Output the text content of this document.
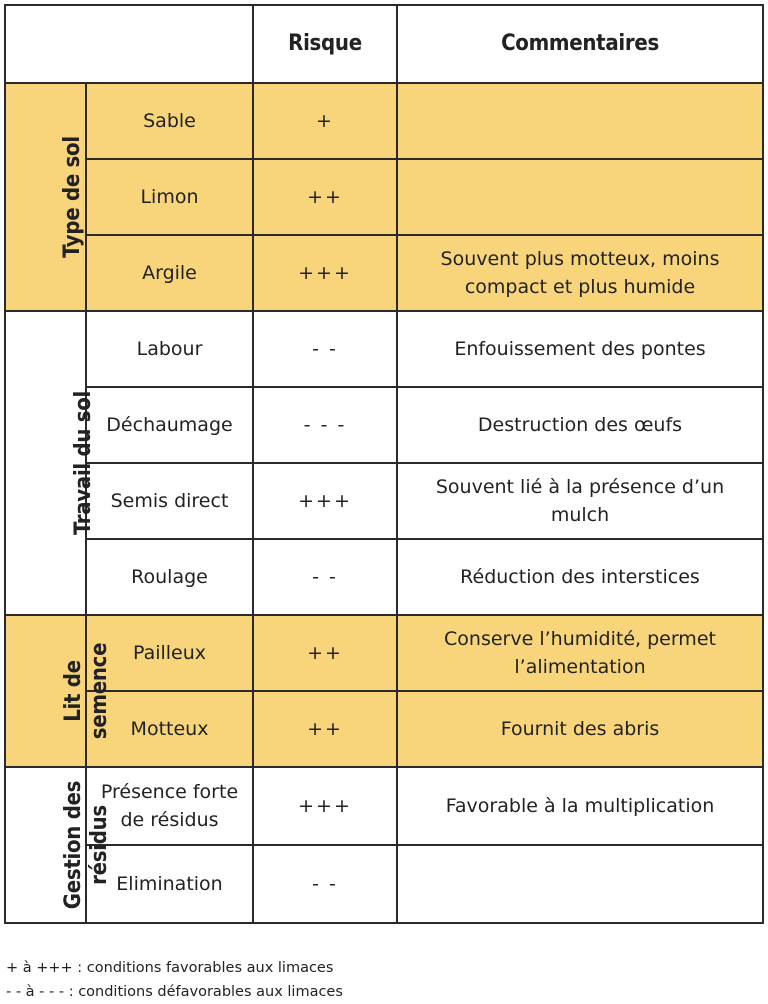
		Risque	Commentaires
Type de sol	Sable	+	
	Limon	++	
	Argile	+++	Souvent plus motteux, moins compact et plus humide
Travail du sol	Labour	- -	Enfouissement des pontes
	Déchaumage	- - -	Destruction des œufs
	Semis direct	+++	Souvent lié à la présence d’un mulch
	Roulage	- -	Réduction des interstices
Lit de semence	Pailleux	++	Conserve l’humidité, permet l’alimentation
	Motteux	++	Fournit des abris
Gestion des résidus	Présence forte de résidus	+++	Favorable à la multiplication
	Elimination	- -	
+ à +++ : conditions favorables aux limaces
- - à - - - : conditions défavorables aux limaces
